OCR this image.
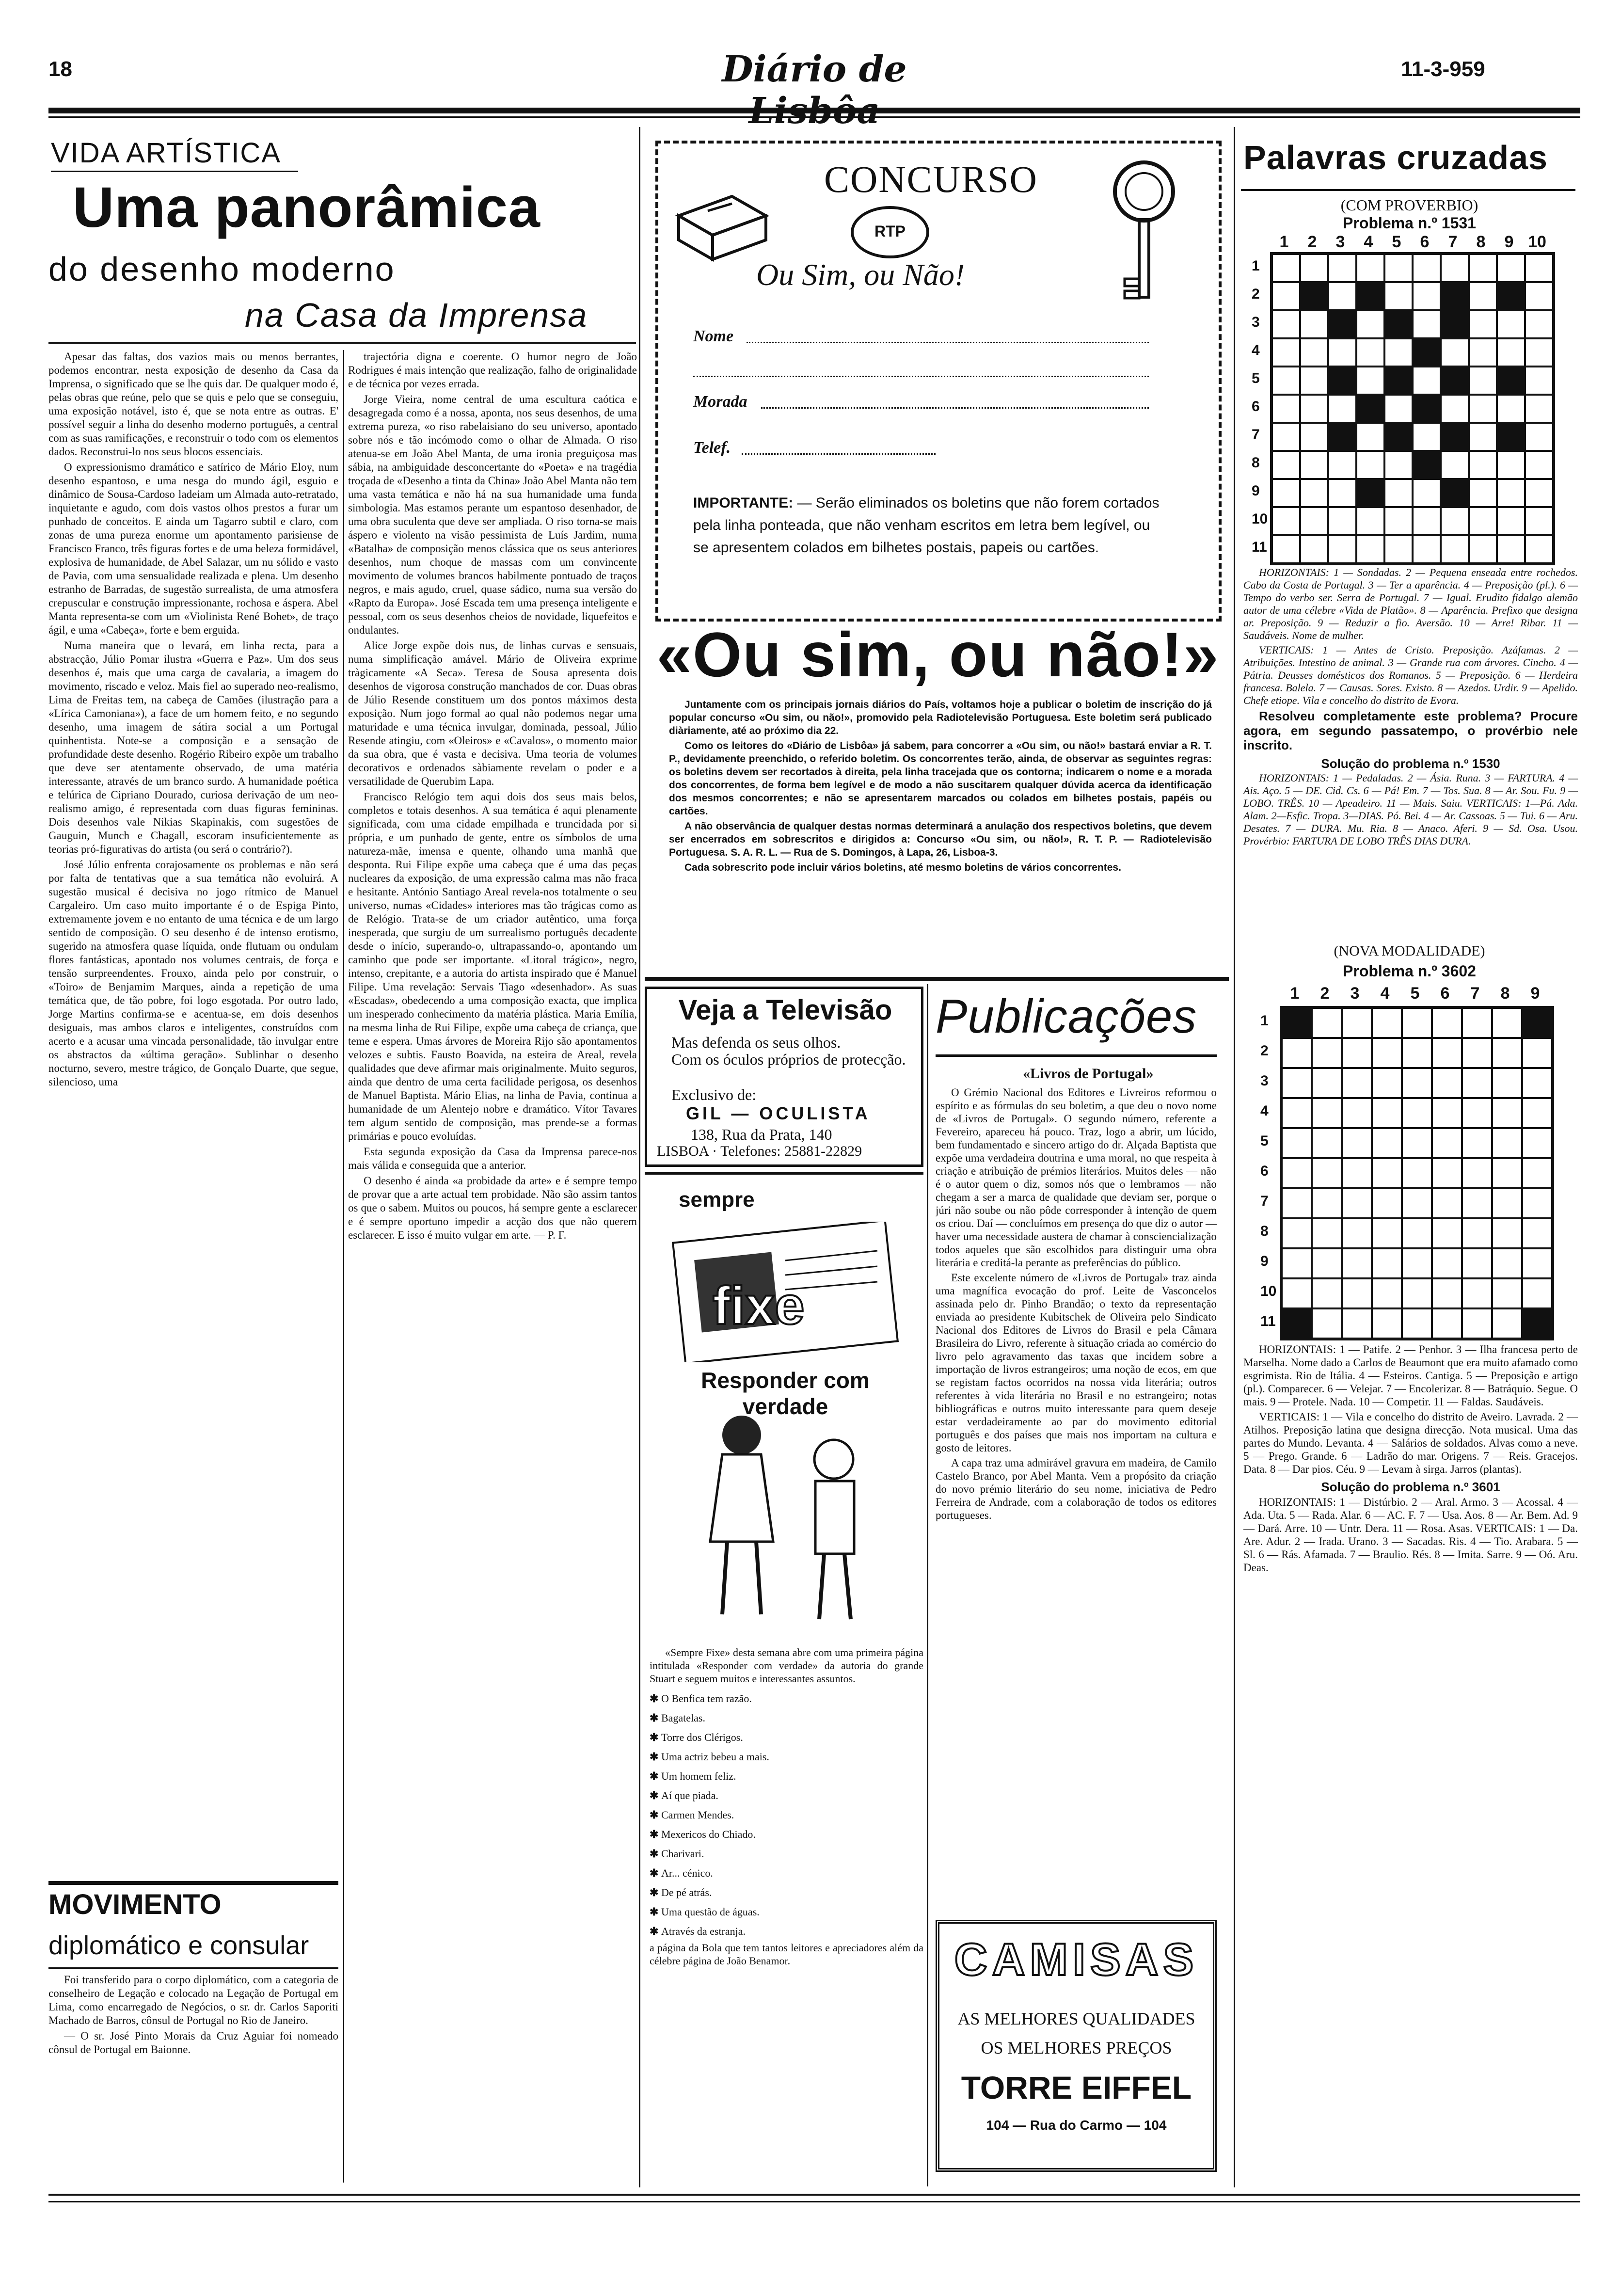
18	Diário de	11-3-959
VIDA ARTÍSTICA
Uma panorâmica
do desenho moderno
na Casa da Imprensa

Apesar das faltas, dos vazios mais ou menos berrantes, podemos encontrar, nesta exposição de desenho da Casa da Imprensa, o significado que se lhe quis dar. De qualquer modo é, pelas obras que reúne, pelo que se quis e pelo que se conseguiu, uma exposição notável, isto é, que se nota entre as outras. E' possível seguir a linha do desenho moderno português, a central com as suas ramificações, e reconstruir o todo com os elementos dados. Reconstrui-lo nos seus blocos essenciais.

O expressionismo dramático e satírico de Mário Eloy, num desenho espantoso, e uma nesga do mundo ágil, esguio e dinâmico de Sousa-Cardoso ladeiam um Almada auto-retratado, inquietante e agudo, com dois vastos olhos prestos a furar um punhado de conceitos. E ainda um Tagarro subtil e claro, com zonas de uma pureza enorme um apontamento parisiense de Francisco Franco, três figuras fortes e de uma beleza formidável, explosiva de humanidade, de Abel Salazar, um nu sólido e vasto de Pavia, com uma sensualidade realizada e plena. Um desenho estranho de Barradas, de sugestão surrealista, de uma atmosfera crepuscular e construção impressionante, rochosa e áspera. Abel Manta representa-se com um «Violinista René Bohet», de traço ágil, e uma «Cabeça», forte e bem erguida.

Numa maneira que o levará, em linha recta, para a abstracção, Júlio Pomar ilustra «Guerra e Paz». Um dos seus desenhos é, mais que uma carga de cavalaria, a imagem do movimento, riscado e veloz. Mais fiel ao superado neo-realismo, Lima de Freitas tem, na cabeça de Camões (ilustração para a «Lírica Camoniana»), a face de um homem feito, e no segundo desenho, uma imagem de sátira social a um Portugal quinhentista. Note-se a composição e a sensação de profundidade deste desenho. Rogério Ribeiro expõe um trabalho que deve ser atentamente observado, de uma matéria interessante, através de um branco surdo. A humanidade poética e telúrica de Cipriano Dourado, curiosa derivação de um neo-realismo amigo, é representada com duas figuras femininas. Dois desenhos vale Nikias Skapinakis, com sugestões de Gauguin, Munch e Chagall, escoram insuficientemente as teorias pró-figurativas do artista (ou será o contrário?).

José Júlio enfrenta corajosamente os problemas e não será por falta de tentativas que a sua temática não evoluirá. A sugestão musical é decisiva no jogo rítmico de Manuel Cargaleiro. Um caso muito importante é o de Espiga Pinto, extremamente jovem e no entanto de uma técnica e de um largo sentido de composição. O seu desenho é de intenso erotismo, sugerido na atmosfera quase líquida, onde flutuam ou ondulam flores fantásticas, apontado nos volumes centrais, de força e tensão surpreendentes. Frouxo, ainda pelo por construir, o «Toiro» de Benjamim Marques, ainda a repetição de uma temática que, de tão pobre, foi logo esgotada. Por outro lado, Jorge Martins confirma-se e acentua-se, em dois desenhos desiguais, mas ambos claros e inteligentes, construídos com acerto e a acusar uma vincada personalidade, tão invulgar entre os abstractos da «última geração». Sublinhar o desenho nocturno, severo, mestre trágico, de Gonçalo Duarte, que segue, silencioso, uma

trajectória digna e coerente. O humor negro de João Rodrigues é mais intenção que realização, falho de originalidade e de técnica por vezes errada.

Jorge Vieira, nome central de uma escultura caótica e desagregada como é a nossa, aponta, nos seus desenhos, de uma extrema pureza, «o riso rabelaisiano do seu universo, apontado sobre nós e tão incómodo como o olhar de Almada. O riso atenua-se em João Abel Manta, de uma ironia preguiçosa mas sábia, na ambiguidade desconcertante do «Poeta» e na tragédia troçada de «Desenho a tinta da China» João Abel Manta não tem uma vasta temática e não há na sua humanidade uma funda simbologia. Mas estamos perante um espantoso desenhador, de uma obra suculenta que deve ser ampliada. O riso torna-se mais áspero e violento na visão pessimista de Luís Jardim, numa «Batalha» de composição menos clássica que os seus anteriores desenhos, num choque de massas com um convincente movimento de volumes brancos habilmente pontuado de traços negros, e mais agudo, cruel, quase sádico, numa sua versão do «Rapto da Europa». José Escada tem uma presença inteligente e pessoal, com os seus desenhos cheios de novidade, liquefeitos e ondulantes.

Alice Jorge expõe dois nus, de linhas curvas e sensuais, numa simplificação amável. Mário de Oliveira exprime tràgicamente «A Seca». Teresa de Sousa apresenta dois desenhos de vigorosa construção manchados de cor. Duas obras de Júlio Resende constituem um dos pontos máximos desta exposição. Num jogo formal ao qual não podemos negar uma maturidade e uma técnica invulgar, dominada, pessoal, Júlio Resende atingiu, com «Oleiros» e «Cavalos», o momento maior da sua obra, que é vasta e decisiva. Uma teoria de volumes decorativos e ordenados sàbiamente revelam o poder e a versatilidade de Querubim Lapa.

Francisco Relógio tem aqui dois dos seus mais belos, completos e totais desenhos. A sua temática é aqui plenamente significada, com uma cidade empilhada e truncidada por si própria, e um punhado de gente, entre os símbolos de uma natureza-mãe, imensa e quente, olhando uma manhã que desponta. Rui Filipe expõe uma cabeça que é uma das peças nucleares da exposição, de uma expressão calma mas não fraca e hesitante. António Santiago Areal revela-nos totalmente o seu universo, numas «Cidades» interiores mas tão trágicas como as de Relógio. Trata-se de um criador autêntico, uma força inesperada, que surgiu de um surrealismo português decadente desde o início, superando-o, ultrapassando-o, apontando um caminho que pode ser importante. «Litoral trágico», negro, intenso, crepitante, e a autoria do artista inspirado que é Manuel Filipe. Uma revelação: Servais Tiago «desenhador». As suas «Escadas», obedecendo a uma composição exacta, que implica um inesperado conhecimento da matéria plástica. Maria Emília, na mesma linha de Rui Filipe, expõe uma cabeça de criança, que teme e espera. Umas árvores de Moreira Rijo são apontamentos velozes e subtis. Fausto Boavida, na esteira de Areal, revela qualidades que deve afirmar mais originalmente. Muito seguros, ainda que dentro de uma certa facilidade perigosa, os desenhos de Manuel Baptista. Mário Elias, na linha de Pavia, continua a humanidade de um Alentejo nobre e dramático. Vítor Tavares tem algum sentido de composição, mas prende-se a formas primárias e pouco evoluídas.

Esta segunda exposição da Casa da Imprensa parece-nos mais válida e conseguida que a anterior.

O desenho é ainda «a probidade da arte» e é sempre tempo de provar que a arte actual tem probidade. Não são assim tantos os que o sabem. Muitos ou poucos, há sempre gente a esclarecer e é sempre oportuno impedir a acção dos que não querem esclarecer. E isso é muito vulgar em arte. — P. F.

MOVIMENTO
diplomático e consular

Foi transferido para o corpo diplomático, com a categoria de conselheiro de Legação e colocado na Legação de Portugal em Lima, como encarregado de Negócios, o sr. dr. Carlos Saporiti Machado de Barros, cônsul de Portugal no Rio de Janeiro.

— O sr. José Pinto Morais da Cruz Aguiar foi nomeado cônsul de Portugal em Baionne.

CONCURSO
RTP
Ou Sim, ou Não!
Nome
Morada
Telef.
IMPORTANTE: — Serão eliminados os boletins que não forem cortados pela linha ponteada, que não venham escritos em letra bem legível, ou se apresentem colados em bilhetes postais, papeis ou cartões.
«Ou sim, ou não!»

Juntamente com os principais jornais diários do País, voltamos hoje a publicar o boletim de inscrição do já popular concurso «Ou sim, ou não!», promovido pela Radiotelevisão Portuguesa. Este boletim será publicado diàriamente, até ao próximo dia 22.

Como os leitores do «Diário de Lisbôa» já sabem, para concorrer a «Ou sim, ou não!» bastará enviar a R. T. P., devidamente preenchido, o referido boletim. Os concorrentes terão, ainda, de observar as seguintes regras: os boletins devem ser recortados à direita, pela linha tracejada que os contorna; indicarem o nome e a morada dos concorrentes, de forma bem legível e de modo a não suscitarem qualquer dúvida acerca da identificação dos mesmos concorrentes; e não se apresentarem marcados ou colados em bilhetes postais, papéis ou cartões.

A não observância de qualquer destas normas determinará a anulação dos respectivos boletins, que devem ser encerrados em sobrescritos e dirigidos a: Concurso «Ou sim, ou não!», R. T. P. — Radiotelevisão Portuguesa. S. A. R. L. — Rua de S. Domingos, à Lapa, 26, Lisboa-3.

Cada sobrescrito pode incluir vários boletins, até mesmo boletins de vários concorrentes.

Veja a Televisão
Mas defenda os seus olhos.
Com os óculos próprios de protecção.
Exclusivo de:
GIL — OCULISTA
138, Rua da Prata, 140
LISBOA · Telefones: 25881-22829
sempre
fixe
Responder com verdade

«Sempre Fixe» desta semana abre com uma primeira página intitulada «Responder com verdade» da autoria do grande Stuart e seguem muitos e interessantes assuntos.

✱ O Benfica tem razão.
✱ Bagatelas.
✱ Torre dos Clérigos.
✱ Uma actriz bebeu a mais.
✱ Um homem feliz.
✱ Aí que piada.
✱ Carmen Mendes.
✱ Mexericos do Chiado.
✱ Charivari.
✱ Ar... cénico.
✱ De pé atrás.
✱ Uma questão de águas.
✱ Através da estranja.

a página da Bola que tem tantos leitores e apreciadores além da célebre página de João Benamor.

Publicações
«Livros de Portugal»

O Grémio Nacional dos Editores e Livreiros reformou o espírito e as fórmulas do seu boletim, a que deu o novo nome de «Livros de Portugal». O segundo número, referente a Fevereiro, apareceu há pouco. Traz, logo a abrir, um lúcido, bem fundamentado e sincero artigo do dr. Alçada Baptista que expõe uma verdadeira doutrina e uma moral, no que respeita à criação e atribuição de prémios literários. Muitos deles — não é o autor quem o diz, somos nós que o lembramos — não chegam a ser a marca de qualidade que deviam ser, porque o júri não soube ou não pôde corresponder à intenção de quem os criou. Daí — concluímos em presença do que diz o autor — haver uma necessidade austera de chamar à consciencialização todos aqueles que são escolhidos para distinguir uma obra literária e creditá-la perante as preferências do público.

Este excelente número de «Livros de Portugal» traz ainda uma magnífica evocação do prof. Leite de Vasconcelos assinada pelo dr. Pinho Brandão; o texto da representação enviada ao presidente Kubitschek de Oliveira pelo Sindicato Nacional dos Editores de Livros do Brasil e pela Câmara Brasileira do Livro, referente à situação criada ao comércio do livro pelo agravamento das taxas que incidem sobre a importação de livros estrangeiros; uma noção de ecos, em que se registam factos ocorridos na nossa vida literária; outros referentes à vida literária no Brasil e no estrangeiro; notas bibliográficas e outros muito interessante para quem deseje estar verdadeiramente ao par do movimento editorial português e dos países que mais nos importam na cultura e gosto de leitores.

A capa traz uma admirável gravura em madeira, de Camilo Castelo Branco, por Abel Manta. Vem a propósito da criação do novo prémio literário do seu nome, iniciativa de Pedro Ferreira de Andrade, com a colaboração de todos os editores portugueses.

CAMISAS
AS MELHORES QUALIDADES
OS MELHORES PREÇOS
TORRE EIFFEL
104 — Rua do Carmo — 104
Palavras cruzadas
(COM PROVERBIO)
Problema n.º 1531
1	2	3	4	5	6	7	8	9 10
1
2
3
4
5
6
7
8
9
10
11

HORIZONTAIS: 1 — Sondadas. 2 — Pequena enseada entre rochedos. Cabo da Costa de Portugal. 3 — Ter a aparência. 4 — Preposição (pl.). 6 — Tempo do verbo ser. Serra de Portugal. 7 — Igual. Erudito fidalgo alemão autor de uma célebre «Vida de Platão». 8 — Aparência. Prefixo que designa ar. Preposição. 9 — Reduzir a fio. Aversão. 10 — Arre! Ribar. 11 — Saudáveis. Nome de mulher.

VERTICAIS: 1 — Antes de Cristo. Preposição. Azáfamas. 2 — Atribuições. Intestino de animal. 3 — Grande rua com árvores. Cincho. 4 — Pátria. Deusses domésticos dos Romanos. 5 — Preposição. 6 — Herdeira francesa. Balela. 7 — Causas. Sores. Existo. 8 — Azedos. Urdir. 9 — Apelido. Chefe etiope. Vila e concelho do distrito de Evora.

Resolveu completamente este problema? Procure agora, em segundo passatempo, o provérbio nele inscrito.

Solução do problema n.º 1530

HORIZONTAIS: 1 — Pedaladas. 2 — Ásia. Runa. 3 — FARTURA. 4 — Ais. Aço. 5 — DE. Cid. Cs. 6 — Pá! Em. 7 — Tos. Sua. 8 — Ar. Sou. Fu. 9 — LOBO. TRÊS. 10 — Apeadeiro. 11 — Mais. Saiu. VERTICAIS: 1—Pá. Ada. Alam. 2—Esfic. Tropa. 3—DIAS. Pó. Bei. 4 — Ar. Cassoas. 5 — Tui. 6 — Aru. Desates. 7 — DURA. Mu. Ria. 8 — Anaco. Aferi. 9 — Sd. Osa. Usou. Provérbio: FARTURA DE LOBO TRÊS DIAS DURA.

(NOVA MODALIDADE)
Problema n.º 3602
1	2	3	4	5	6	7	8	9
1
2
3
4
5
6
7
8
9
10
11

HORIZONTAIS: 1 — Patife. 2 — Penhor. 3 — Ilha francesa perto de Marselha. Nome dado a Carlos de Beaumont que era muito afamado como esgrimista. Rio de Itália. 4 — Esteiros. Cantiga. 5 — Preposição e artigo (pl.). Comparecer. 6 — Velejar. 7 — Encolerizar. 8 — Batráquio. Segue. O mais. 9 — Protele. Nada. 10 — Competir. 11 — Faldas. Saudáveis.

VERTICAIS: 1 — Vila e concelho do distrito de Aveiro. Lavrada. 2 — Atilhos. Preposição latina que designa direcção. Nota musical. Uma das partes do Mundo. Levanta. 4 — Salários de soldados. Alvas como a neve. 5 — Prego. Grande. 6 — Ladrão do mar. Origens. 7 — Reis. Gracejos. Data. 8 — Dar pios. Céu. 9 — Levam à sirga. Jarros (plantas).

Solução do problema n.º 3601

HORIZONTAIS: 1 — Distúrbio. 2 — Aral. Armo. 3 — Acossal. 4 — Ada. Uta. 5 — Rada. Alar. 6 — AC. F. 7 — Usa. Aos. 8 — Ar. Bem. Ad. 9 — Dará. Arre. 10 — Untr. Dera. 11 — Rosa. Asas. VERTICAIS: 1 — Da. Are. Adur. 2 — Irada. Urano. 3 — Sacadas. Ris. 4 — Tio. Arabara. 5 — Sl. 6 — Rás. Afamada. 7 — Braulio. Rés. 8 — Imita. Sarre. 9 — Oó. Aru. Deas.
